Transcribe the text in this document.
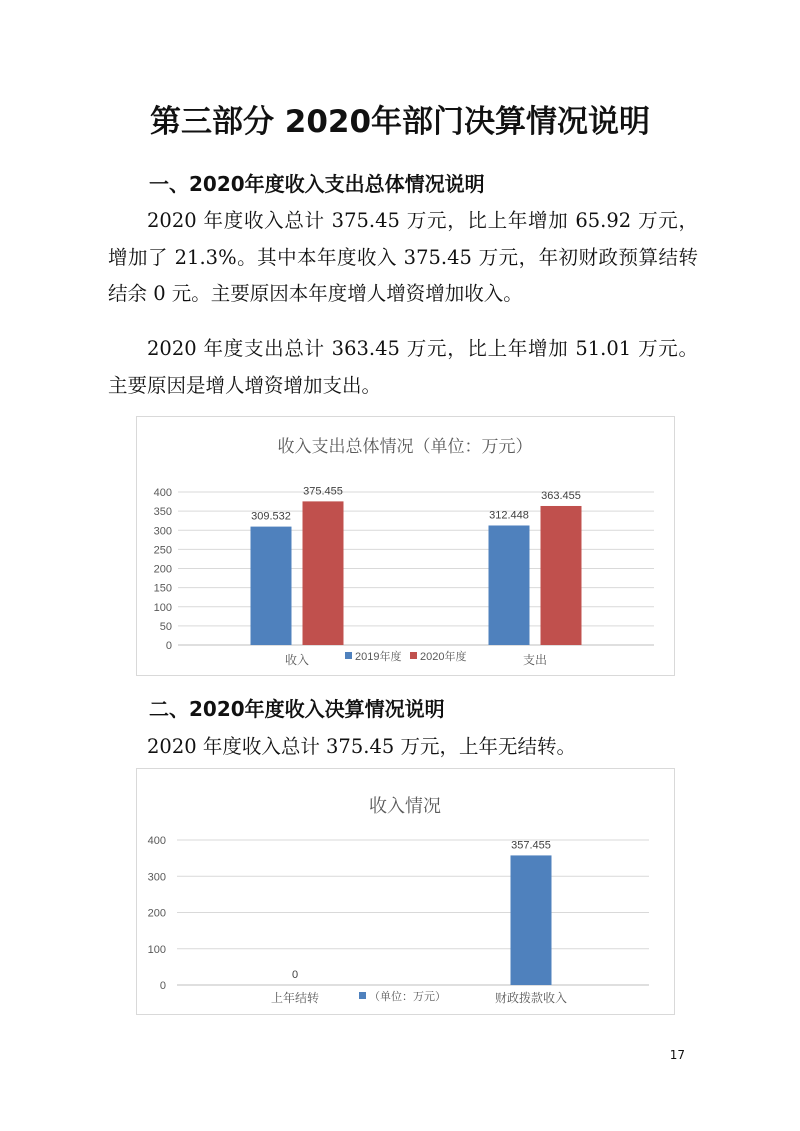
第三部分 2020年部门决算情况说明
一、2020年度收入支出总体情况说明

2020 年度收入总计 375.45 万元，比上年增加 65.92 万元，增加了 21.3%。其中本年度收入 375.45 万元，年初财政预算结转结余 0 元。主要原因本年度增人增资增加收入。

2020 年度支出总计 363.45 万元，比上年增加 51.01 万元。主要原因是增人增资增加支出。

收入支出总体情况（单位：万元）
0
50
100
150
200
250
300
350
400
收入
309.532
375.455
支出
312.448
363.455
2019年度 2020年度
二、2020年度收入决算情况说明

2020 年度收入总计 375.45 万元，上年无结转。

收入情况
0
100
200
300
400
上年结转
0
财政拨款收入
357.455
（单位：万元）
17
